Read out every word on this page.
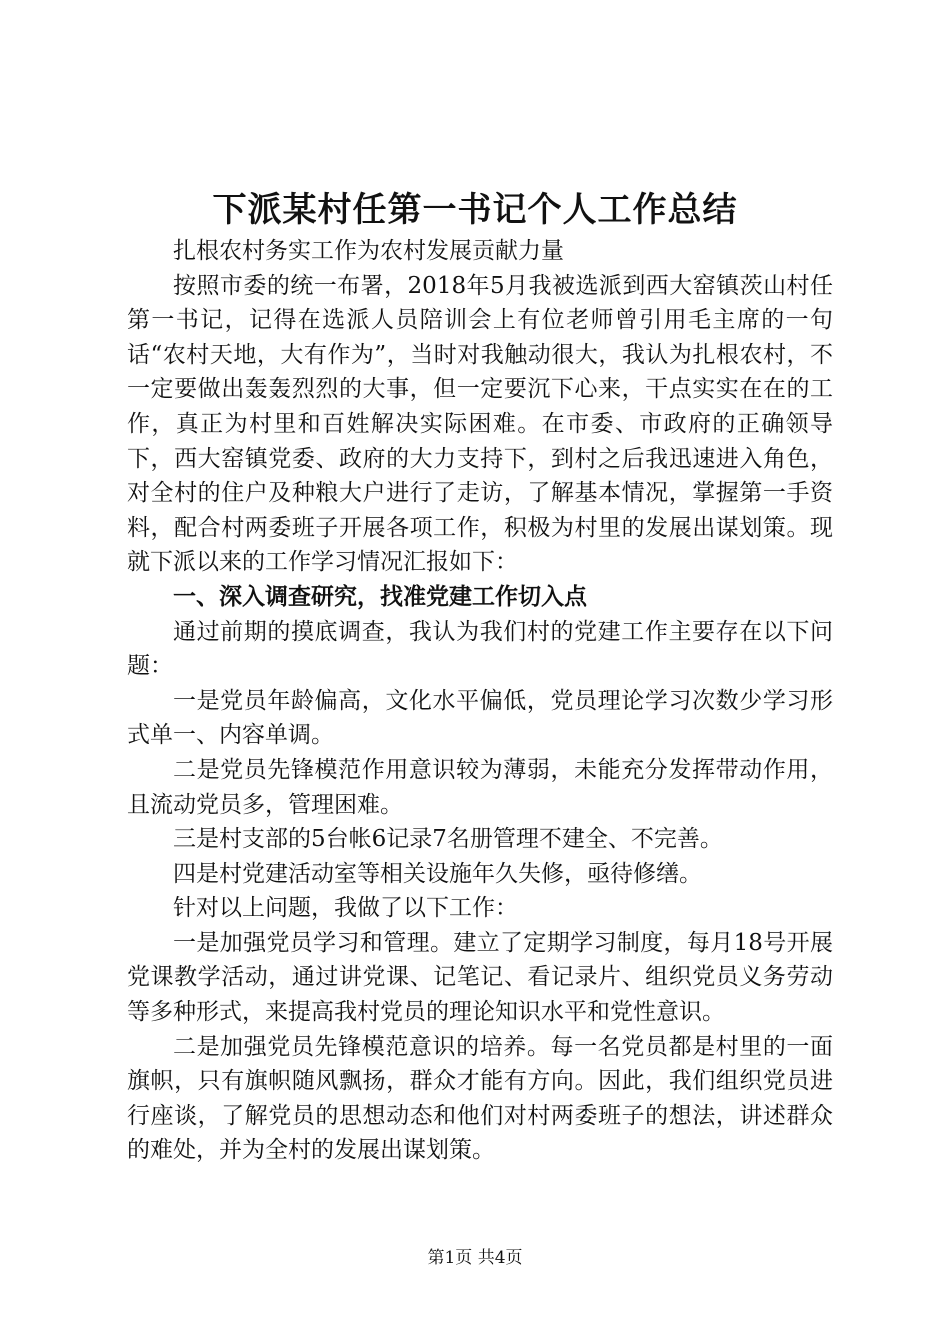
下派某村任第一书记个人工作总结

扎根农村务实工作为农村发展贡献力量

按照市委的统一布署，2018年5月我被选派到西大窑镇茨山村任第一书记，记得在选派人员陪训会上有位老师曾引用毛主席的一句话“农村天地，大有作为”，当时对我触动很大，我认为扎根农村，不一定要做出轰轰烈烈的大事，但一定要沉下心来，干点实实在在的工作，真正为村里和百姓解决实际困难。在市委、市政府的正确领导下，西大窑镇党委、政府的大力支持下，到村之后我迅速进入角色，对全村的住户及种粮大户进行了走访，了解基本情况，掌握第一手资料，配合村两委班子开展各项工作，积极为村里的发展出谋划策。现就下派以来的工作学习情况汇报如下：

一、深入调查研究，找准党建工作切入点

通过前期的摸底调查，我认为我们村的党建工作主要存在以下问题：

一是党员年龄偏高，文化水平偏低，党员理论学习次数少学习形式单一、内容单调。

二是党员先锋模范作用意识较为薄弱，未能充分发挥带动作用，且流动党员多，管理困难。

三是村支部的5台帐6记录7名册管理不建全、不完善。

四是村党建活动室等相关设施年久失修，亟待修缮。

针对以上问题，我做了以下工作：

一是加强党员学习和管理。建立了定期学习制度，每月18号开展党课教学活动，通过讲党课、记笔记、看记录片、组织党员义务劳动等多种形式，来提高我村党员的理论知识水平和党性意识。

二是加强党员先锋模范意识的培养。每一名党员都是村里的一面旗帜，只有旗帜随风飘扬，群众才能有方向。因此，我们组织党员进行座谈，了解党员的思想动态和他们对村两委班子的想法，讲述群众的难处，并为全村的发展出谋划策。

第1页 共4页
